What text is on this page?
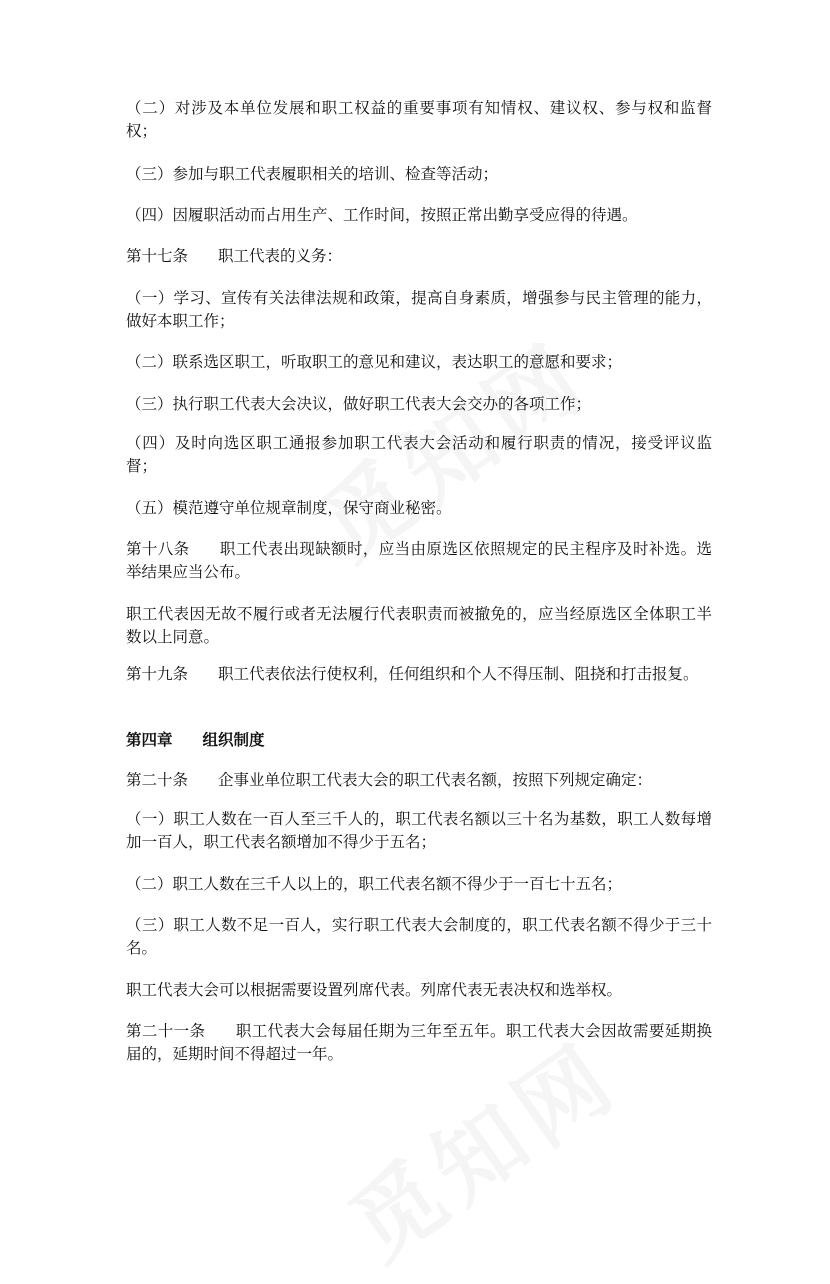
（二）对涉及本单位发展和职工权益的重要事项有知情权、建议权、参与权和监督权；

（三）参加与职工代表履职相关的培训、检查等活动；

（四）因履职活动而占用生产、工作时间，按照正常出勤享受应得的待遇。

第十七条 职工代表的义务：

（一）学习、宣传有关法律法规和政策，提高自身素质，增强参与民主管理的能力，做好本职工作；

（二）联系选区职工，听取职工的意见和建议，表达职工的意愿和要求；

（三）执行职工代表大会决议，做好职工代表大会交办的各项工作；

（四）及时向选区职工通报参加职工代表大会活动和履行职责的情况，接受评议监督；

（五）模范遵守单位规章制度，保守商业秘密。

第十八条 职工代表出现缺额时，应当由原选区依照规定的民主程序及时补选。选举结果应当公布。

职工代表因无故不履行或者无法履行代表职责而被撤免的，应当经原选区全体职工半数以上同意。

第十九条 职工代表依法行使权利，任何组织和个人不得压制、阻挠和打击报复。

第四章 组织制度

第二十条 企事业单位职工代表大会的职工代表名额，按照下列规定确定：

（一）职工人数在一百人至三千人的，职工代表名额以三十名为基数，职工人数每增加一百人，职工代表名额增加不得少于五名；

（二）职工人数在三千人以上的，职工代表名额不得少于一百七十五名；

（三）职工人数不足一百人，实行职工代表大会制度的，职工代表名额不得少于三十名。

职工代表大会可以根据需要设置列席代表。列席代表无表决权和选举权。

第二十一条 职工代表大会每届任期为三年至五年。职工代表大会因故需要延期换届的，延期时间不得超过一年。
